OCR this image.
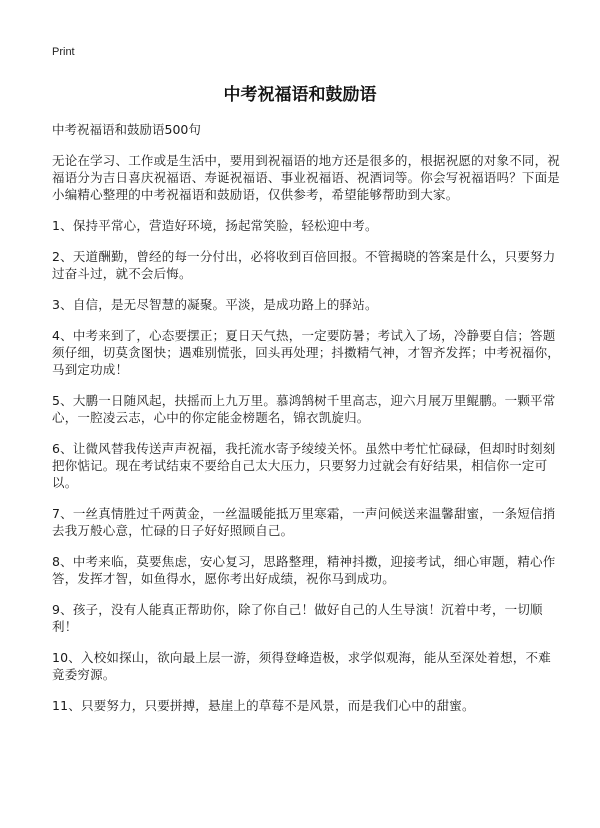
Print
中考祝福语和鼓励语

中考祝福语和鼓励语500句

无论在学习、工作或是生活中，要用到祝福语的地方还是很多的，根据祝愿的对象不同，祝福语分为吉日喜庆祝福语、寿诞祝福语、事业祝福语、祝酒词等。你会写祝福语吗？下面是小编精心整理的中考祝福语和鼓励语，仅供参考，希望能够帮助到大家。

1、保持平常心，营造好环境，扬起常笑脸，轻松迎中考。

2、天道酬勤，曾经的每一分付出，必将收到百倍回报。不管揭晓的答案是什么，只要努力过奋斗过，就不会后悔。

3、自信，是无尽智慧的凝聚。平淡，是成功路上的驿站。

4、中考来到了，心态要摆正；夏日天气热，一定要防暑；考试入了场，冷静要自信；答题须仔细，切莫贪图快；遇难别慌张，回头再处理；抖擞精气神，才智齐发挥；中考祝福你，马到定功成！

5、大鹏一日随风起，扶摇而上九万里。慕鸿鹄树千里高志，迎六月展万里鲲鹏。一颗平常心，一腔凌云志，心中的你定能金榜题名，锦衣凯旋归。

6、让微风替我传送声声祝福，我托流水寄予绫绫关怀。虽然中考忙忙碌碌，但却时时刻刻把你惦记。现在考试结束不要给自己太大压力，只要努力过就会有好结果，相信你一定可以。

7、一丝真情胜过千两黄金，一丝温暖能抵万里寒霜，一声问候送来温馨甜蜜，一条短信捎去我万般心意，忙碌的日子好好照顾自己。

8、中考来临，莫要焦虑，安心复习，思路整理，精神抖擞，迎接考试，细心审题，精心作答，发挥才智，如鱼得水，愿你考出好成绩，祝你马到成功。

9、孩子，没有人能真正帮助你，除了你自己！做好自己的人生导演！沉着中考，一切顺利！

10、入校如探山，欲向最上层一游，须得登峰造极，求学似观海，能从至深处着想，不难竟委穷源。

11、只要努力，只要拼搏，悬崖上的草莓不是风景，而是我们心中的甜蜜。
